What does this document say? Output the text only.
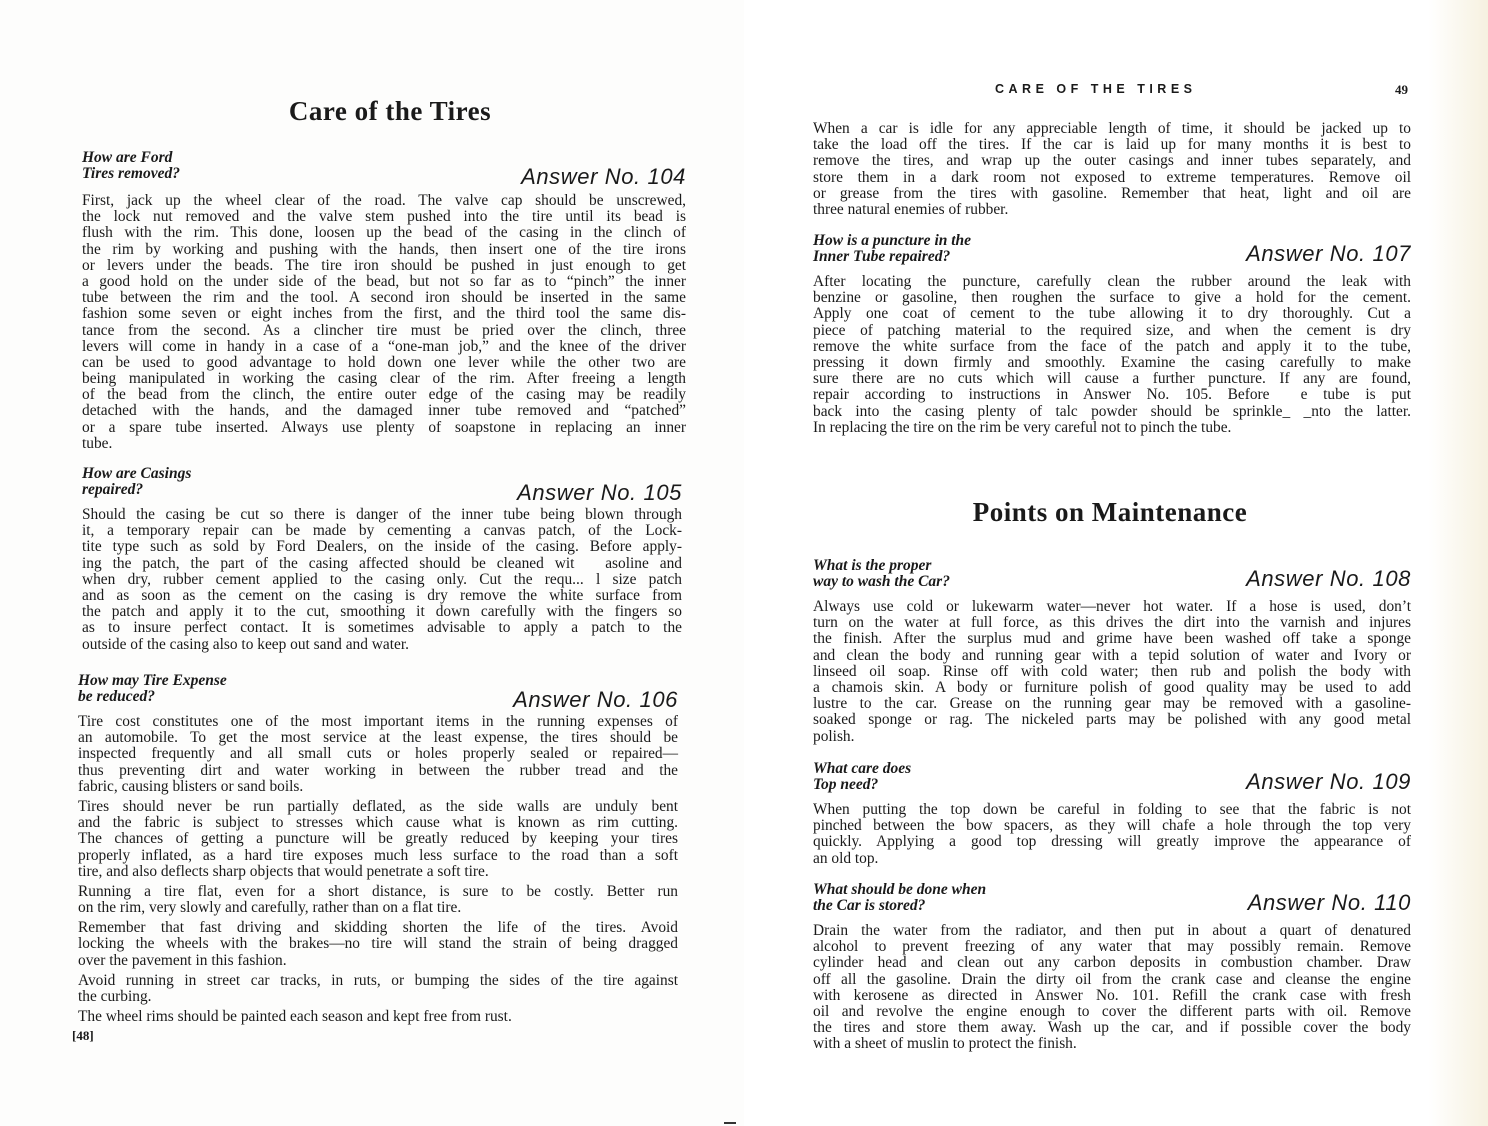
Care of the Tires
How are Ford
Tires removed?	Answer No. 104
First, jack up the wheel clear of the road. The valve cap should be unscrewed,
the lock nut removed and the valve stem pushed into the tire until its bead is
flush with the rim. This done, loosen up the bead of the casing in the clinch of
the rim by working and pushing with the hands, then insert one of the tire irons
or levers under the beads. The tire iron should be pushed in just enough to get
a good hold on the under side of the bead, but not so far as to “pinch” the inner
tube between the rim and the tool. A second iron should be inserted in the same
fashion some seven or eight inches from the first, and the third tool the same dis-
tance from the second. As a clincher tire must be pried over the clinch, three
levers will come in handy in a case of a “one-man job,” and the knee of the driver
can be used to good advantage to hold down one lever while the other two are
being manipulated in working the casing clear of the rim. After freeing a length
of the bead from the clinch, the entire outer edge of the casing may be readily
detached with the hands, and the damaged inner tube removed and “patched”
or a spare tube inserted. Always use plenty of soapstone in replacing an inner
tube.
How are Casings
repaired?	Answer No. 105
Should the casing be cut so there is danger of the inner tube being blown through
it, a temporary repair can be made by cementing a canvas patch, of the Lock-
tite type such as sold by Ford Dealers, on the inside of the casing. Before apply-
ing the patch, the part of the casing affected should be cleaned wit  asoline and
when dry, rubber cement applied to the casing only. Cut the requ... l size patch
and as soon as the cement on the casing is dry remove the white surface from
the patch and apply it to the cut, smoothing it down carefully with the fingers so
as to insure perfect contact. It is sometimes advisable to apply a patch to the
outside of the casing also to keep out sand and water.
How may Tire Expense
be reduced?	Answer No. 106
Tire cost constitutes one of the most important items in the running expenses of
an automobile. To get the most service at the least expense, the tires should be
inspected frequently and all small cuts or holes properly sealed or repaired—
thus preventing dirt and water working in between the rubber tread and the
fabric, causing blisters or sand boils.
Tires should never be run partially deflated, as the side walls are unduly bent
and the fabric is subject to stresses which cause what is known as rim cutting.
The chances of getting a puncture will be greatly reduced by keeping your tires
properly inflated, as a hard tire exposes much less surface to the road than a soft
tire, and also deflects sharp objects that would penetrate a soft tire.
Running a tire flat, even for a short distance, is sure to be costly. Better run
on the rim, very slowly and carefully, rather than on a flat tire.
Remember that fast driving and skidding shorten the life of the tires. Avoid
locking the wheels with the brakes—no tire will stand the strain of being dragged
over the pavement in this fashion.
Avoid running in street car tracks, in ruts, or bumping the sides of the tire against
the curbing.
The wheel rims should be painted each season and kept free from rust.
[48]
CARE OF THE TIRES	49
When a car is idle for any appreciable length of time, it should be jacked up to
take the load off the tires. If the car is laid up for many months it is best to
remove the tires, and wrap up the outer casings and inner tubes separately, and
store them in a dark room not exposed to extreme temperatures. Remove oil
or grease from the tires with gasoline. Remember that heat, light and oil are
three natural enemies of rubber.
How is a puncture in the
Inner Tube repaired?	Answer No. 107
After locating the puncture, carefully clean the rubber around the leak with
benzine or gasoline, then roughen the surface to give a hold for the cement.
Apply one coat of cement to the tube allowing it to dry thoroughly. Cut a
piece of patching material to the required size, and when the cement is dry
remove the white surface from the face of the patch and apply it to the tube,
pressing it down firmly and smoothly. Examine the casing carefully to make
sure there are no cuts which will cause a further puncture. If any are found,
repair according to instructions in Answer No. 105. Before  e tube is put
back into the casing plenty of talc powder should be sprinkle_ _nto the latter.
In replacing the tire on the rim be very careful not to pinch the tube.
Points on Maintenance
What is the proper
way to wash the Car?	Answer No. 108
Always use cold or lukewarm water—never hot water. If a hose is used, don’t
turn on the water at full force, as this drives the dirt into the varnish and injures
the finish. After the surplus mud and grime have been washed off take a sponge
and clean the body and running gear with a tepid solution of water and Ivory or
linseed oil soap. Rinse off with cold water; then rub and polish the body with
a chamois skin. A body or furniture polish of good quality may be used to add
lustre to the car. Grease on the running gear may be removed with a gasoline-
soaked sponge or rag. The nickeled parts may be polished with any good metal
polish.
What care does
Top need?	Answer No. 109
When putting the top down be careful in folding to see that the fabric is not
pinched between the bow spacers, as they will chafe a hole through the top very
quickly. Applying a good top dressing will greatly improve the appearance of
an old top.
What should be done when
the Car is stored?	Answer No. 110
Drain the water from the radiator, and then put in about a quart of denatured
alcohol to prevent freezing of any water that may possibly remain. Remove
cylinder head and clean out any carbon deposits in combustion chamber. Draw
off all the gasoline. Drain the dirty oil from the crank case and cleanse the engine
with kerosene as directed in Answer No. 101. Refill the crank case with fresh
oil and revolve the engine enough to cover the different parts with oil. Remove
the tires and store them away. Wash up the car, and if possible cover the body
with a sheet of muslin to protect the finish.
